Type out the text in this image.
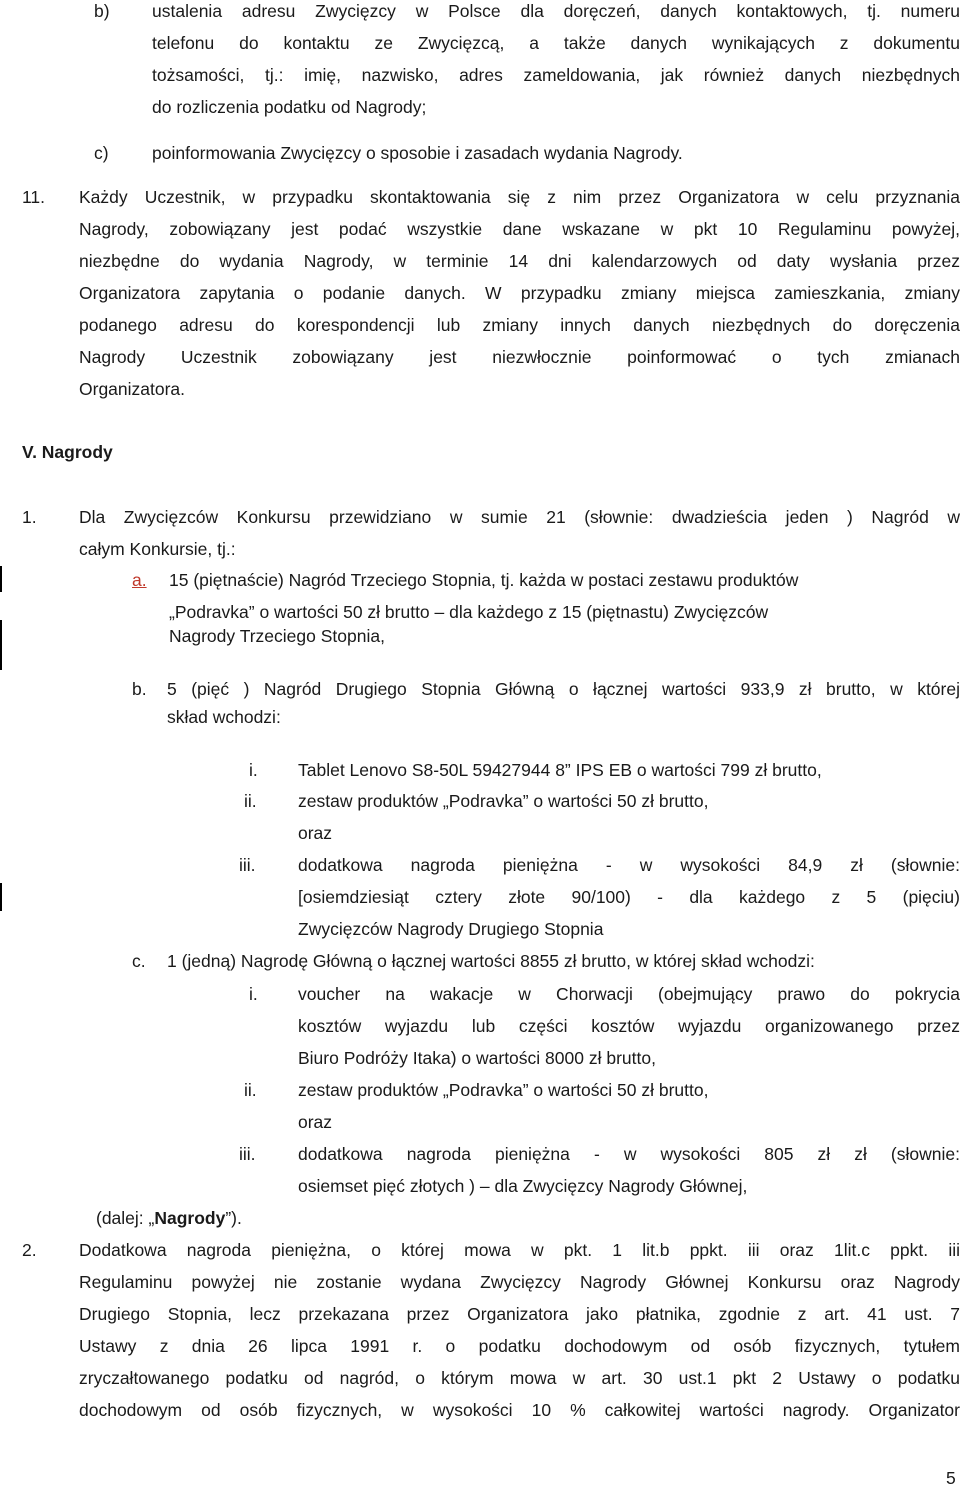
b) ustalenia adresu Zwycięzcy w Polsce dla doręczeń, danych kontaktowych, tj. numeru
telefonu do kontaktu ze Zwycięzcą, a także danych wynikających z dokumentu
tożsamości, tj.: imię, nazwisko, adres zameldowania, jak również danych niezbędnych
do rozliczenia podatku od Nagrody;
c) poinformowania Zwycięzcy o sposobie i zasadach wydania Nagrody.
11. Każdy Uczestnik, w przypadku skontaktowania się z nim przez Organizatora w celu przyznania
Nagrody, zobowiązany jest podać wszystkie dane wskazane w pkt 10 Regulaminu powyżej,
niezbędne do wydania Nagrody, w terminie 14 dni kalendarzowych od daty wysłania przez
Organizatora zapytania o podanie danych. W przypadku zmiany miejsca zamieszkania, zmiany
podanego adresu do korespondencji lub zmiany innych danych niezbędnych do doręczenia
Nagrody Uczestnik zobowiązany jest niezwłocznie poinformować o tych zmianach
Organizatora.
V. Nagrody
1. Dla Zwycięzców Konkursu przewidziano w sumie 21 (słownie: dwadzieścia jeden ) Nagród w
całym Konkursie, tj.:
a.	15 (piętnaście) Nagród Trzeciego Stopnia, tj. każda w postaci zestawu produktów
„Podravka” o wartości 50 zł brutto – dla każdego z 15 (piętnastu) Zwycięzców
Nagrody Trzeciego Stopnia,
b. 5 (pięć ) Nagród Drugiego Stopnia Główną o łącznej wartości 933,9 zł brutto, w której
skład wchodzi:
i. Tablet Lenovo S8-50L 59427944 8” IPS EB o wartości 799 zł brutto,
ii. zestaw produktów „Podravka” o wartości 50 zł brutto,
oraz
iii. dodatkowa nagroda pieniężna - w wysokości 84,9 zł (słownie:
[osiemdziesiąt cztery złote 90/100) - dla każdego z 5 (pięciu)
Zwycięzców Nagrody Drugiego Stopnia
c. 1 (jedną) Nagrodę Główną o łącznej wartości 8855 zł brutto, w której skład wchodzi:
i. voucher na wakacje w Chorwacji (obejmujący prawo do pokrycia
kosztów wyjazdu lub części kosztów wyjazdu organizowanego przez
Biuro Podróży Itaka) o wartości 8000 zł brutto,
ii. zestaw produktów „Podravka” o wartości 50 zł brutto,
oraz
iii. dodatkowa nagroda pieniężna - w wysokości 805 zł zł (słownie:
osiemset pięć złotych ) – dla Zwycięzcy Nagrody Głównej,
(dalej: „Nagrody”).
2. Dodatkowa nagroda pieniężna, o której mowa w pkt. 1 lit.b ppkt. iii oraz 1lit.c ppkt. iii
Regulaminu powyżej nie zostanie wydana Zwycięzcy Nagrody Głównej Konkursu oraz Nagrody
Drugiego Stopnia, lecz przekazana przez Organizatora jako płatnika, zgodnie z art. 41 ust. 7
Ustawy z dnia 26 lipca 1991 r. o podatku dochodowym od osób fizycznych, tytułem
zryczałtowanego podatku od nagród, o którym mowa w art. 30 ust.1 pkt 2 Ustawy o podatku
dochodowym od osób fizycznych, w wysokości 10 % całkowitej wartości nagrody. Organizator
5
